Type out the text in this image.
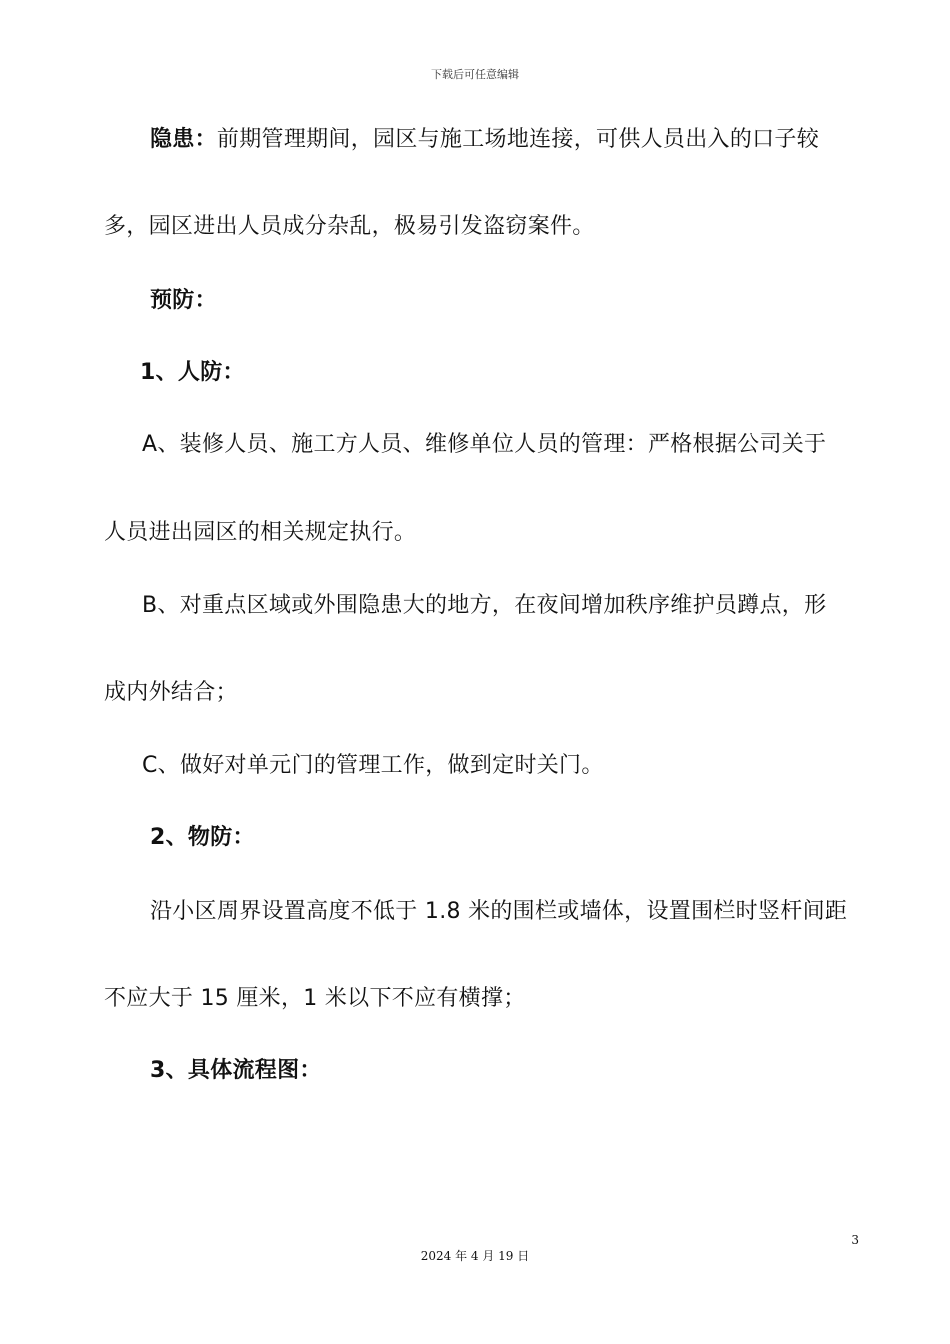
下载后可任意编辑
隐患：前期管理期间，园区与施工场地连接，可供人员出入的口子较
多，园区进出人员成分杂乱，极易引发盗窃案件。
预防：
1、人防：
A、装修人员、施工方人员、维修单位人员的管理：严格根据公司关于
人员进出园区的相关规定执行。
B、对重点区域或外围隐患大的地方，在夜间增加秩序维护员蹲点，形
成内外结合；
C、做好对单元门的管理工作，做到定时关门。
2、物防：
沿小区周界设置高度不低于 1.8 米的围栏或墙体，设置围栏时竖杆间距
不应大于 15 厘米，1 米以下不应有横撑；
3、具体流程图：
3
2024 年 4 月 19 日
